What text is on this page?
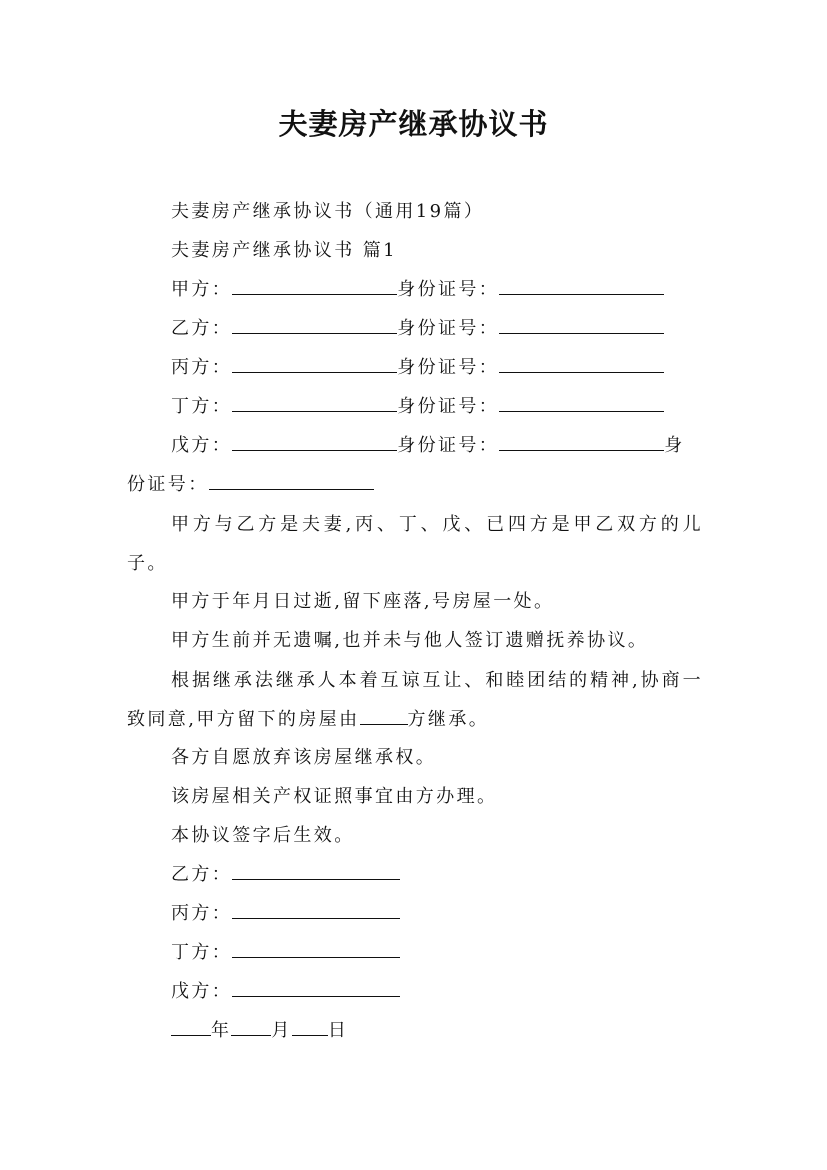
夫妻房产继承协议书
夫妻房产继承协议书（通用19篇）
夫妻房产继承协议书 篇1
甲方：	身份证号：
乙方：	身份证号：
丙方：	身份证号：
丁方：	身份证号：
戊方：	身份证号：	身
份证号：
甲方与乙方是夫妻,丙、丁、戊、已四方是甲乙双方的儿子。
甲方于年月日过逝,留下座落,号房屋一处。
甲方生前并无遗嘱,也并未与他人签订遗赠抚养协议。
根据继承法继承人本着互谅互让、和睦团结的精神,协商一致同意,甲方留下的房屋由	方继承。
各方自愿放弃该房屋继承权。
该房屋相关产权证照事宜由方办理。
本协议签字后生效。
乙方：
丙方：
丁方：
戊方：
年 月 日
